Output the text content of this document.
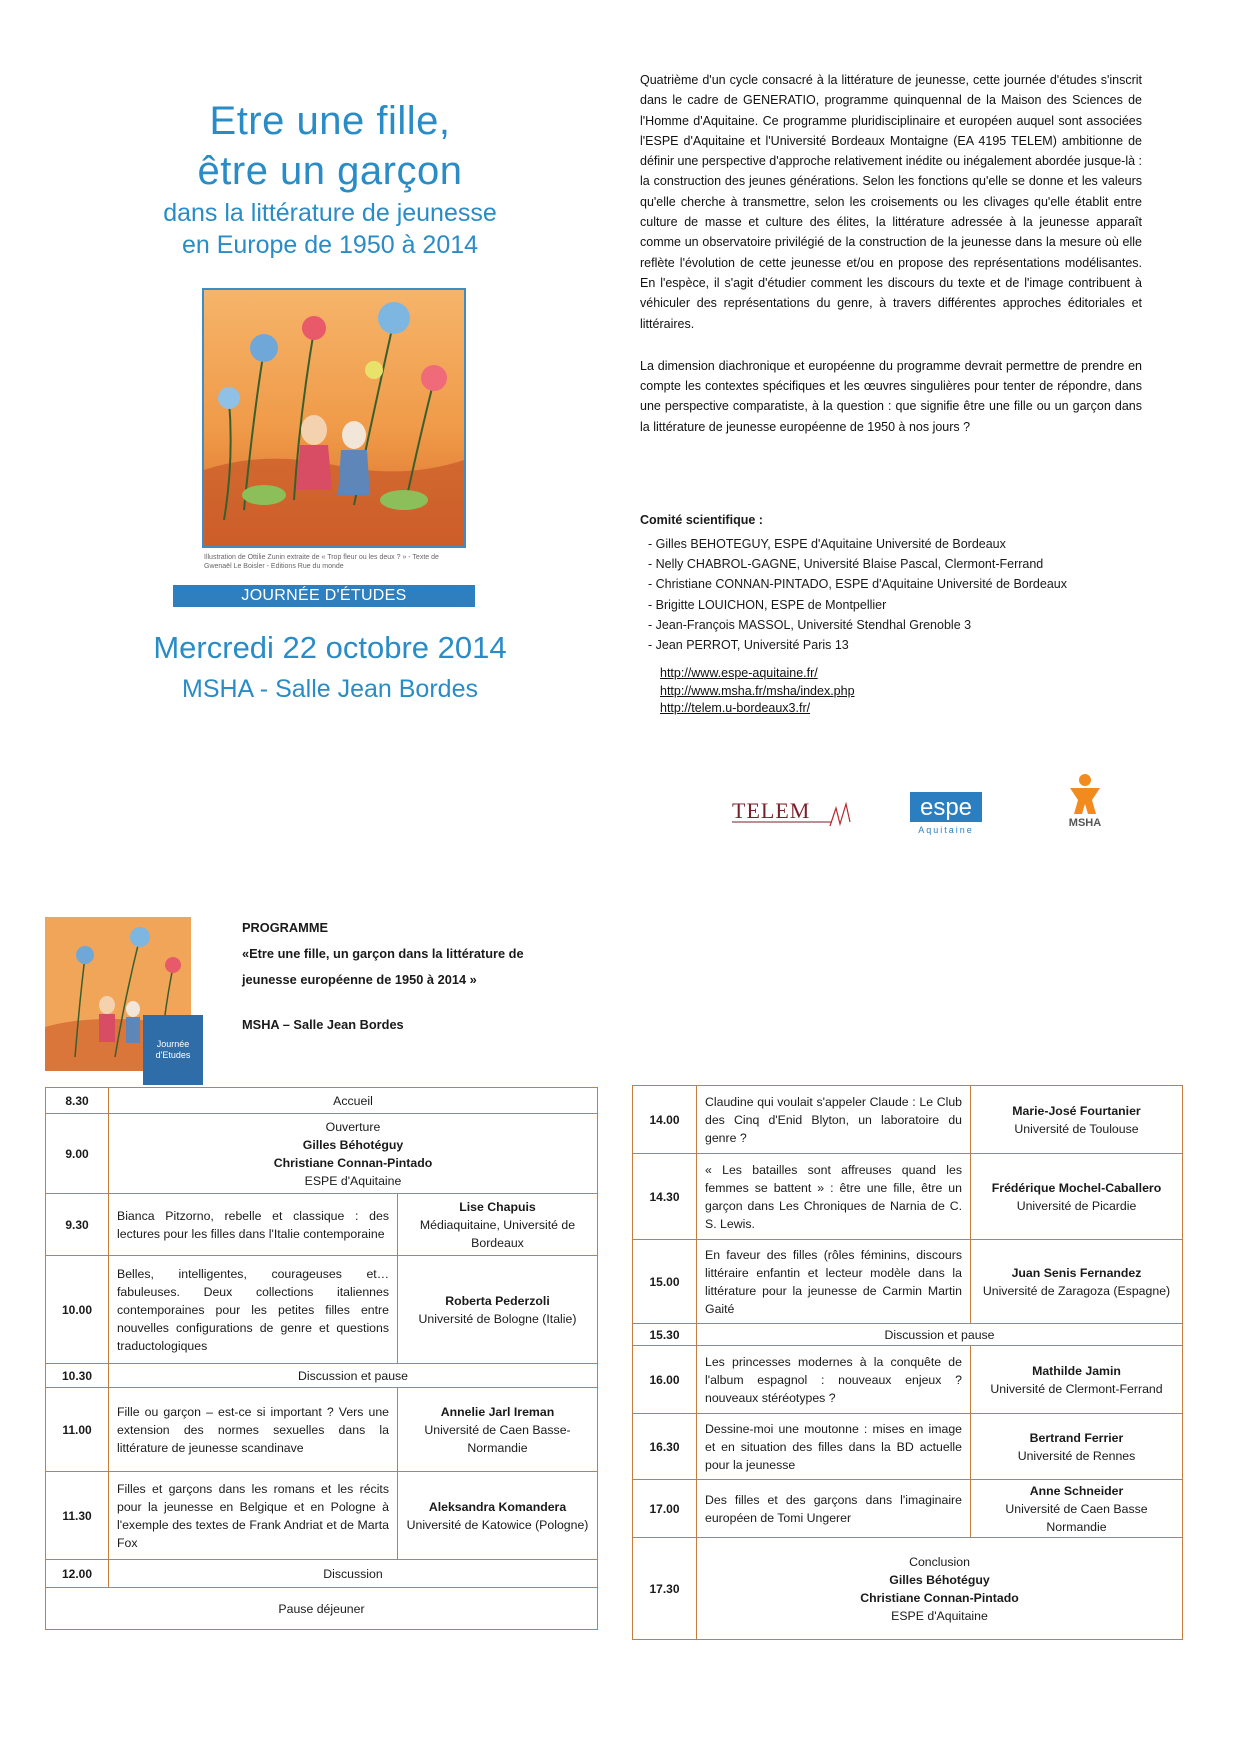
Etre une fille,
être un garçon
dans la littérature de jeunesse
en Europe de 1950 à 2014
Illustration de Ottilie Zunin extraite de « Trop fleur ou les deux ? » - Texte de Gwenaël Le Boisler - Editions Rue du monde
JOURNÉE D'ÉTUDES INTERNATIONALE
Mercredi 22 octobre 2014
MSHA - Salle Jean Bordes

Quatrième d'un cycle consacré à la littérature de jeunesse, cette journée d'études s'inscrit dans le cadre de GENERATIO, programme quinquennal de la Maison des Sciences de l'Homme d'Aquitaine. Ce programme pluridisciplinaire et européen auquel sont associées l'ESPE d'Aquitaine et l'Université Bordeaux Montaigne (EA 4195 TELEM) ambitionne de définir une perspective d'approche relativement inédite ou inégalement abordée jusque-là : la construction des jeunes générations. Selon les fonctions qu'elle se donne et les valeurs qu'elle cherche à transmettre, selon les croisements ou les clivages qu'elle établit entre culture de masse et culture des élites, la littérature adressée à la jeunesse apparaît comme un observatoire privilégié de la construction de la jeunesse dans la mesure où elle reflète l'évolution de cette jeunesse et/ou en propose des représentations modélisantes. En l'espèce, il s'agit d'étudier comment les discours du texte et de l'image contribuent à véhiculer des représentations du genre, à travers différentes approches éditoriales et littéraires.

La dimension diachronique et européenne du programme devrait permettre de prendre en compte les contextes spécifiques et les œuvres singulières pour tenter de répondre, dans une perspective comparatiste, à la question : que signifie être une fille ou un garçon dans la littérature de jeunesse européenne de 1950 à nos jours ?

Comité scientifique :
- Gilles BEHOTEGUY, ESPE d'Aquitaine Université de Bordeaux
- Nelly CHABROL-GAGNE, Université Blaise Pascal, Clermont-Ferrand
- Christiane CONNAN-PINTADO, ESPE d'Aquitaine Université de Bordeaux
- Brigitte LOUICHON, ESPE de Montpellier
- Jean-François MASSOL, Université Stendhal Grenoble 3
- Jean PERROT, Université Paris 13
http://www.espe-aquitaine.fr/
http://www.msha.fr/msha/index.php
http://telem.u-bordeaux3.fr/
TELEM	espe
Aquitaine
MSHA
Journée d'Etudes
PROGRAMME
«Etre une fille, un garçon dans la littérature de jeunesse européenne de 1950 à 2014 »
MSHA – Salle Jean Bordes
8.30	Accueil	
9.00	Ouverture
Gilles Béhotéguy
Christiane Connan-Pintado
ESPE d'Aquitaine	

9.30	Bianca Pitzorno, rebelle et classique : des lectures pour les filles dans l'Italie contemporaine	Lise Chapuis
Médiaquitaine, Université de Bordeaux

10.00	Belles, intelligentes, courageuses et… fabuleuses. Deux collections italiennes contemporaines pour les petites filles entre nouvelles configurations de genre et questions traductologiques	Roberta Pederzoli
Université de Bologne (Italie)

10.30	Discussion et pause	
11.00	Fille ou garçon – est-ce si important ? Vers une extension des normes sexuelles dans la littérature de jeunesse scandinave	Annelie Jarl Ireman
Université de Caen Basse-Normandie

11.30	Filles et garçons dans les romans et les récits pour la jeunesse en Belgique et en Pologne à l'exemple des textes de Frank Andriat et de Marta Fox	Aleksandra Komandera
Université de Katowice (Pologne)

12.00	Discussion	
Pause déjeuner		
14.00	Claudine qui voulait s'appeler Claude : Le Club des Cinq d'Enid Blyton, un laboratoire du genre ?	Marie-José Fourtanier
Université de Toulouse

14.30	« Les batailles sont affreuses quand les femmes se battent » : être une fille, être un garçon dans Les Chroniques de Narnia de C. S. Lewis.	Frédérique Mochel-Caballero
Université de Picardie

15.00	En faveur des filles (rôles féminins, discours littéraire enfantin et lecteur modèle dans la littérature pour la jeunesse de Carmin Martin Gaité	Juan Senis Fernandez
Université de Zaragoza (Espagne)

15.30	Discussion et pause	
16.00	Les princesses modernes à la conquête de l'album espagnol : nouveaux enjeux ? nouveaux stéréotypes ?	Mathilde Jamin
Université de Clermont-Ferrand

16.30	Dessine-moi une moutonne : mises en image et en situation des filles dans la BD actuelle pour la jeunesse	Bertrand Ferrier
Université de Rennes

17.00	Des filles et des garçons dans l'imaginaire européen de Tomi Ungerer	Anne Schneider
Université de Caen Basse Normandie

17.30	Conclusion
Gilles Béhotéguy
Christiane Connan-Pintado
ESPE d'Aquitaine	
